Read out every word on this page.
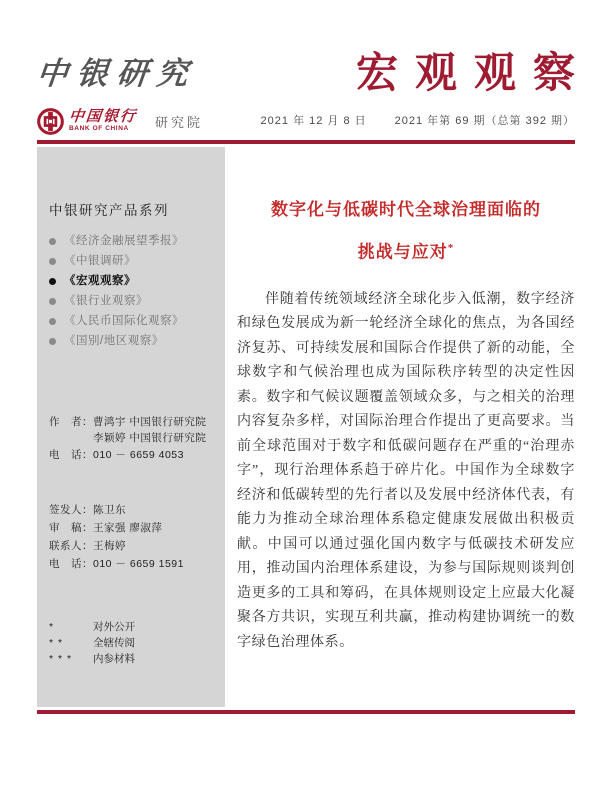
中银研究	宏观观察
中国银行
BANK OF CHINA	研究院	2021 年 12 月 8 日	2021 年第 69 期（总第 392 期）
中银研究产品系列
《经济金融展望季报》
《中银调研》
《宏观观察》
《银行业观察》
《人民币国际化观察》
《国别/地区观察》
作　者： 曹鸿宇 中国银行研究院

李颖婷 中国银行研究院
电　话： 010 － 6659 4053
签发人： 陈卫东
审　稿： 王家强 廖淑萍
联系人： 王梅婷
电　话： 010 － 6659 1591
*	对外公开
* *	全辖传阅
* * *	内参材料
数字化与低碳时代全球治理面临的
挑战与应对*

伴随着传统领域经济全球化步入低潮，数字经济和绿色发展成为新一轮经济全球化的焦点，为各国经济复苏、可持续发展和国际合作提供了新的动能，全球数字和气候治理也成为国际秩序转型的决定性因素。数字和气候议题覆盖领域众多，与之相关的治理内容复杂多样，对国际治理合作提出了更高要求。当前全球范围对于数字和低碳问题存在严重的“治理赤字”，现行治理体系趋于碎片化。中国作为全球数字经济和低碳转型的先行者以及发展中经济体代表，有能力为推动全球治理体系稳定健康发展做出积极贡献。中国可以通过强化国内数字与低碳技术研发应用，推动国内治理体系建设，为参与国际规则谈判创造更多的工具和筹码，在具体规则设定上应最大化凝聚各方共识，实现互利共赢，推动构建协调统一的数字绿色治理体系。
